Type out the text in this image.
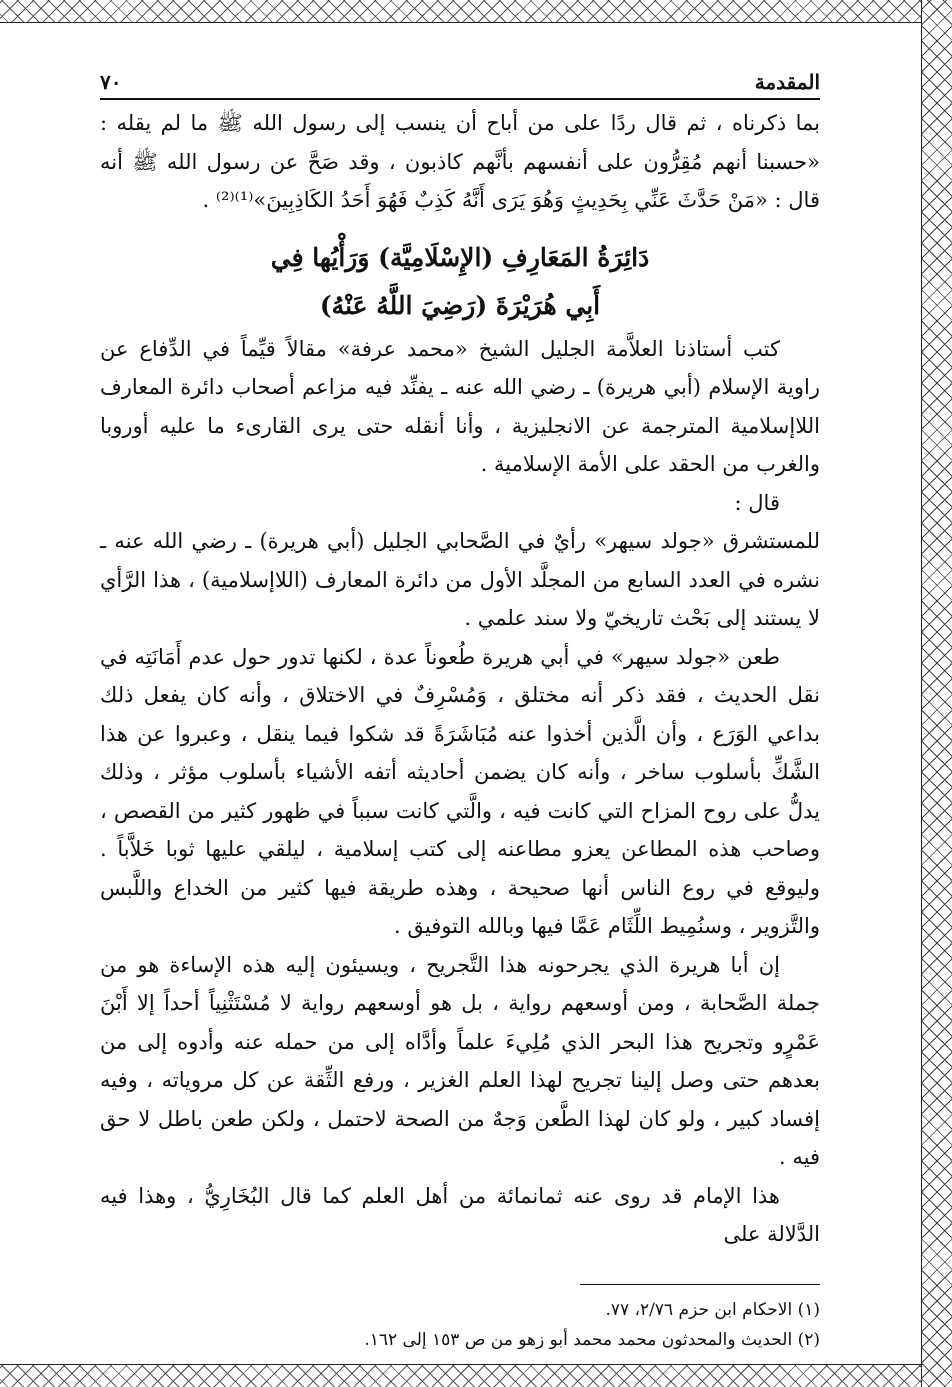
المقدمة
٧٠

بما ذكرناه ، ثم قال ردًا على من أباح أن ينسب إلى رسول الله ﷺ ما لم يقله : «حسبنا أنهم مُقِرُّون على أنفسهم بأنَّهم كاذبون ، وقد صَحَّ عن رسول الله ﷺ أنه قال : «مَنْ حَدَّثَ عَنِّي بِحَدِيثٍ وَهُوَ يَرَى أَنَّهُ كَذِبٌ فَهُوَ أَحَدُ الكَاذِبِينَ»⁽¹⁾⁽²⁾ .

دَائِرَةُ المَعَارِفِ (الإِسْلَامِيَّة) وَرَأْيُها فِي
أَبِي هُرَيْرَةَ (رَضِيَ اللَّهُ عَنْهُ)

كتب أستاذنا العلاَّمة الجليل الشيخ «محمد عرفة» مقالاً قيِّماً في الدِّفاع عن راوية الإسلام (أبي هريرة) ـ رضي الله عنه ـ يفنِّد فيه مزاعم أصحاب دائرة المعارف اللاإسلامية المترجمة عن الانجليزية ، وأنا أنقله حتى يرى القارىء ما عليه أوروبا والغرب من الحقد على الأمة الإسلامية .

قال :

للمستشرق «جولد سيهر» رأيٌ في الصَّحابي الجليل (أبي هريرة) ـ رضي الله عنه ـ نشره في العدد السابع من المجلَّد الأول من دائرة المعارف (اللاإسلامية) ، هذا الرَّأي لا يستند إلى بَحْث تاريخيّ ولا سند علمي .

طعن «جولد سيهر» في أبي هريرة طُعوناً عدة ، لكنها تدور حول عدم أَمَانَتِه في نقل الحديث ، فقد ذكر أنه مختلق ، وَمُسْرِفٌ في الاختلاق ، وأنه كان يفعل ذلك بداعي الوَرَع ، وأن الَّذين أخذوا عنه مُبَاشَرَةً قد شكوا فيما ينقل ، وعبروا عن هذا الشَّكِّ بأسلوب ساخر ، وأنه كان يضمن أحاديثه أتفه الأشياء بأسلوب مؤثر ، وذلك يدلُّ على روح المزاح التي كانت فيه ، والَّتي كانت سبباً في ظهور كثير من القصص ، وصاحب هذه المطاعن يعزو مطاعنه إلى كتب إسلامية ، ليلقي عليها ثوبا خَلاَّباً . وليوقع في روع الناس أنها صحيحة ، وهذه طريقة فيها كثير من الخداع واللَّبس والتَّزوير ، وسنُمِيط اللِّثَام عَمَّا فيها وبالله التوفيق .

إن أبا هريرة الذي يجرحونه هذا التَّجريح ، ويسيئون إليه هذه الإساءة هو من جملة الصَّحابة ، ومن أوسعهم رواية ، بل هو أوسعهم رواية لا مُسْتَثْنِياً أحداً إلا أَبْنَ عَمْرٍو وتجريح هذا البحر الذي مُلِيءَ علماً وأدَّاه إلى من حمله عنه وأدوه إلى من بعدهم حتى وصل إلينا تجريح لهذا العلم الغزير ، ورفع الثِّقة عن كل مروياته ، وفيه إفساد كبير ، ولو كان لهذا الطَّعن وَجهٌ من الصحة لاحتمل ، ولكن طعن باطل لا حق فيه .

هذا الإمام قد روى عنه ثمانمائة من أهل العلم كما قال البُخَارِيُّ ، وهذا فيه الدَّلالة على

(١) الاحكام ابن حزم ٢/٧٦، ٧٧.

(٢) الحديث والمحدثون محمد محمد أبو زهو من ص ١٥٣ إلى ١٦٢.
